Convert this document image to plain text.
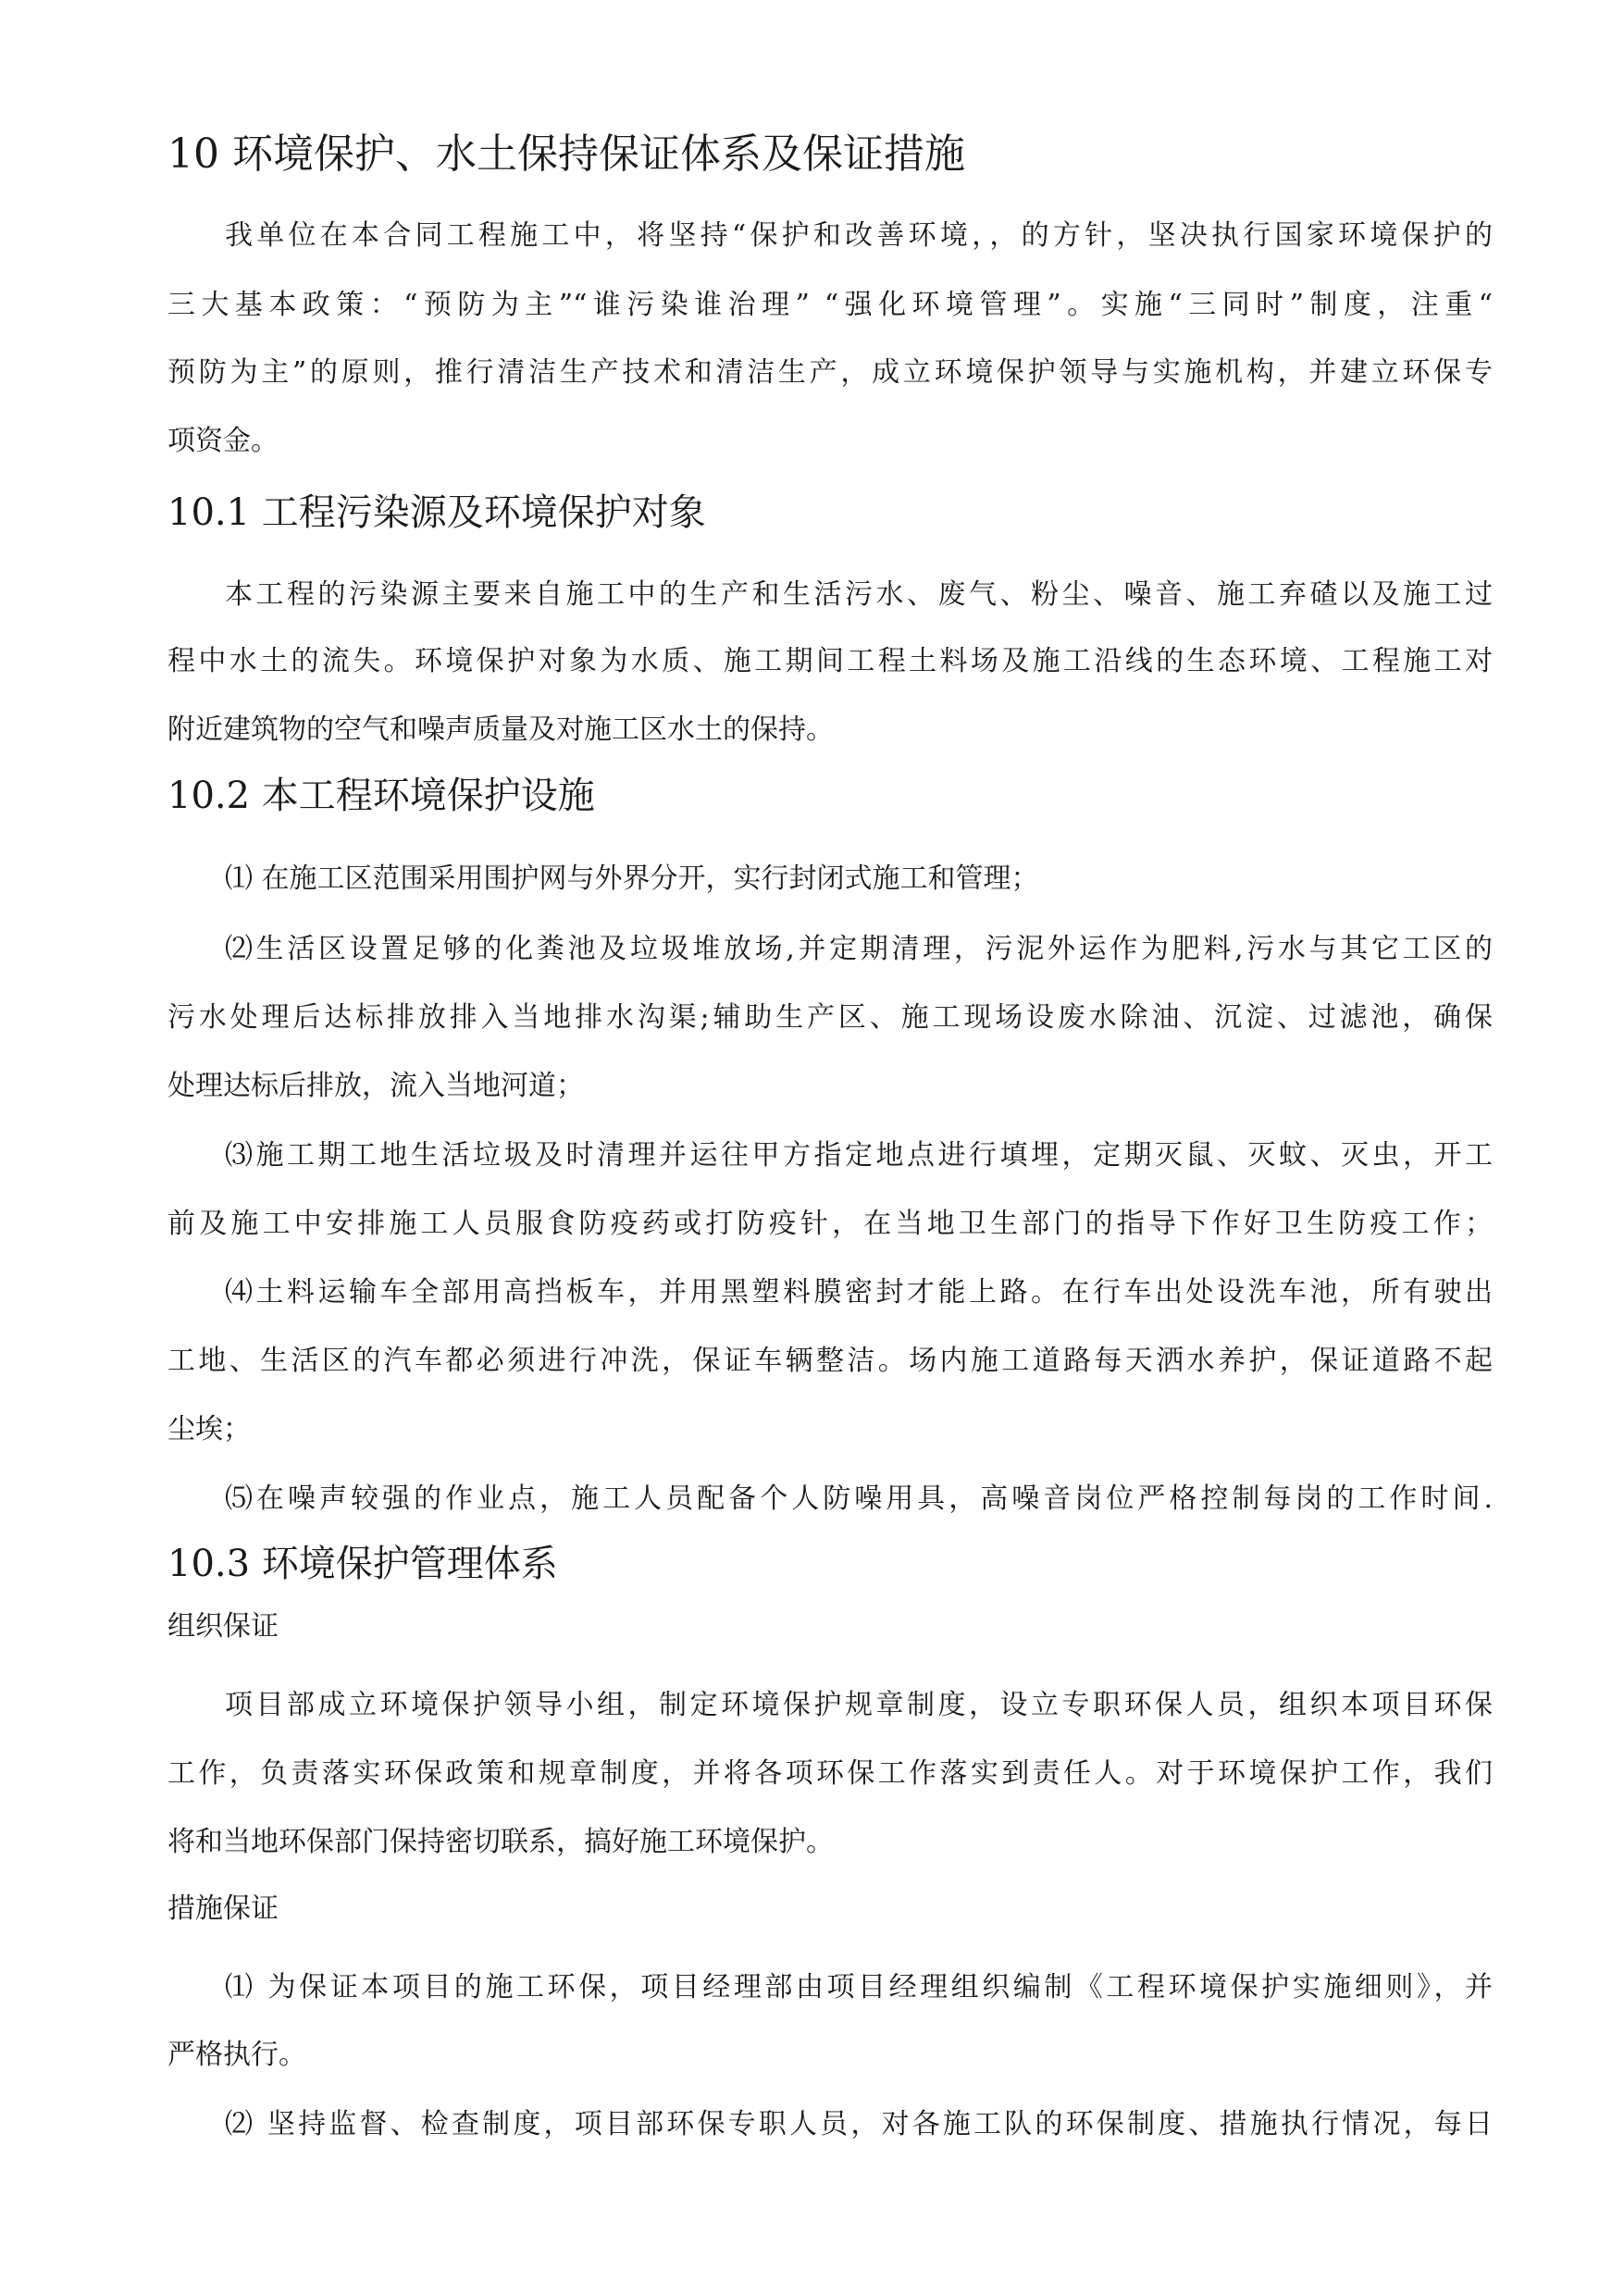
10 环境保护、水土保持保证体系及保证措施
我单位在本合同工程施工中，将坚持“保护和改善环境，，的方针，坚决执行国家环境保护的
三大基本政策：“预防为主”“谁污染谁治理” “强化环境管理”。实施“三同时”制度，注重“
预防为主”的原则，推行清洁生产技术和清洁生产，成立环境保护领导与实施机构，并建立环保专
项资金。
10.1 工程污染源及环境保护对象
本工程的污染源主要来自施工中的生产和生活污水、废气、粉尘、噪音、施工弃碴以及施工过
程中水土的流失。环境保护对象为水质、施工期间工程土料场及施工沿线的生态环境、工程施工对
附近建筑物的空气和噪声质量及对施工区水土的保持。
10.2 本工程环境保护设施
⑴ 在施工区范围采用围护网与外界分开，实行封闭式施工和管理；
⑵生活区设置足够的化粪池及垃圾堆放场,并定期清理，污泥外运作为肥料,污水与其它工区的
污水处理后达标排放排入当地排水沟渠;辅助生产区、施工现场设废水除油、沉淀、过滤池，确保
处理达标后排放，流入当地河道；
⑶施工期工地生活垃圾及时清理并运往甲方指定地点进行填埋，定期灭鼠、灭蚊、灭虫，开工
前及施工中安排施工人员服食防疫药或打防疫针，在当地卫生部门的指导下作好卫生防疫工作；
⑷土料运输车全部用高挡板车，并用黑塑料膜密封才能上路。在行车出处设洗车池，所有驶出
工地、生活区的汽车都必须进行冲洗，保证车辆整洁。场内施工道路每天洒水养护，保证道路不起
尘埃；
⑸在噪声较强的作业点，施工人员配备个人防噪用具，高噪音岗位严格控制每岗的工作时间.
10.3 环境保护管理体系
组织保证
项目部成立环境保护领导小组，制定环境保护规章制度，设立专职环保人员，组织本项目环保
工作，负责落实环保政策和规章制度，并将各项环保工作落实到责任人。对于环境保护工作，我们
将和当地环保部门保持密切联系，搞好施工环境保护。
措施保证
⑴ 为保证本项目的施工环保，项目经理部由项目经理组织编制《工程环境保护实施细则》，并
严格执行。
⑵ 坚持监督、检查制度，项目部环保专职人员，对各施工队的环保制度、措施执行情况，每日
